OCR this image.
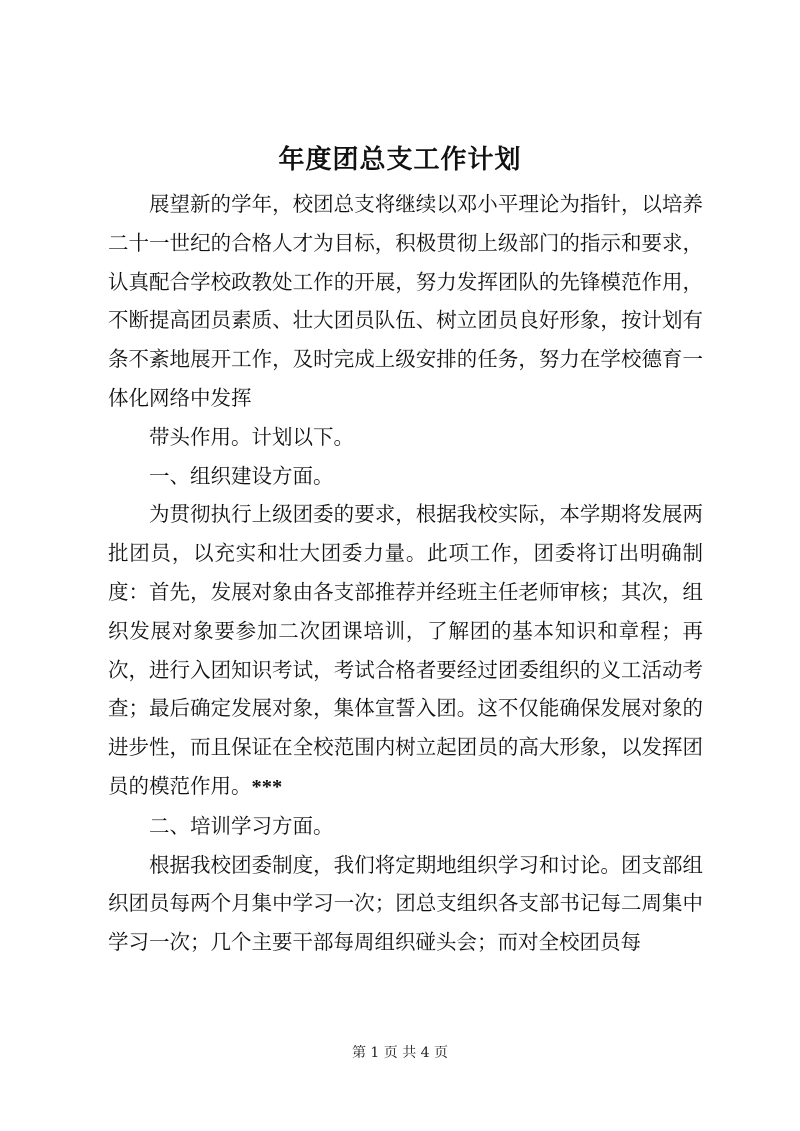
年度团总支工作计划

展望新的学年，校团总支将继续以邓小平理论为指针，以培养二十一世纪的合格人才为目标，积极贯彻上级部门的指示和要求，认真配合学校政教处工作的开展，努力发挥团队的先锋模范作用，不断提高团员素质、壮大团员队伍、树立团员良好形象，按计划有条不紊地展开工作，及时完成上级安排的任务，努力在学校德育一体化网络中发挥

带头作用。计划以下。

一、组织建设方面。

为贯彻执行上级团委的要求，根据我校实际，本学期将发展两批团员，以充实和壮大团委力量。此项工作，团委将订出明确制度：首先，发展对象由各支部推荐并经班主任老师审核；其次，组织发展对象要参加二次团课培训，了解团的基本知识和章程；再次，进行入团知识考试，考试合格者要经过团委组织的义工活动考查；最后确定发展对象，集体宣誓入团。这不仅能确保发展对象的进步性，而且保证在全校范围内树立起团员的高大形象，以发挥团员的模范作用。***

二、培训学习方面。

根据我校团委制度，我们将定期地组织学习和讨论。团支部组织团员每两个月集中学习一次；团总支组织各支部书记每二周集中学习一次；几个主要干部每周组织碰头会；而对全校团员每

第 1 页 共 4 页
